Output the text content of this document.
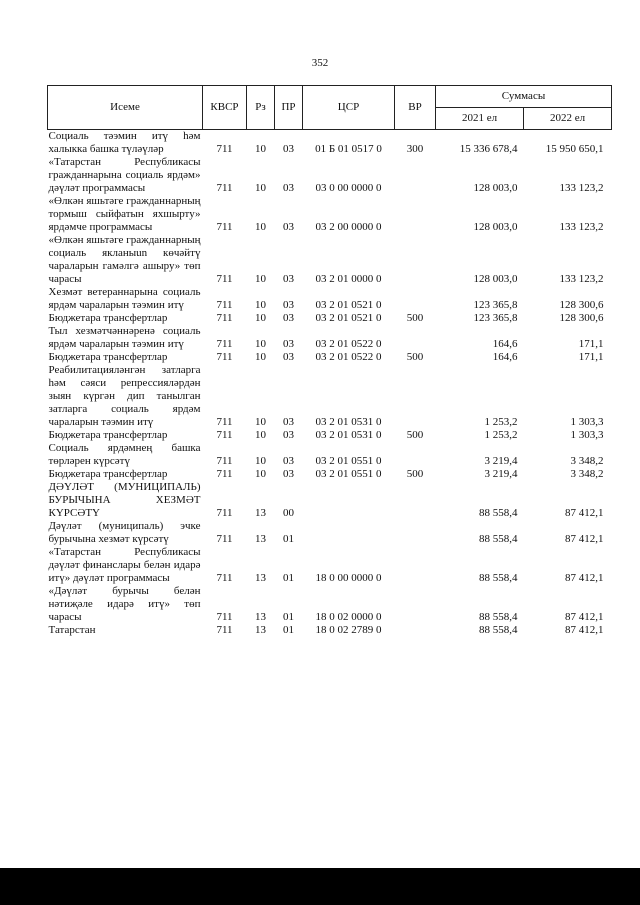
352
Исеме	КВСР	Рз	ПР	ЦСР	ВР	Суммасы	
						2021 ел	2022 ел
Социаль тәэмин итү һәм халыкка башка түләүләр	711	10	03	01 Б 01 0517 0	300	15 336 678,4	15 950 650,1
«Татарстан Республикасы гражданнарына социаль ярдәм» дәүләт программасы	711	10	03	03 0 00 0000 0		128 003,0	133 123,2
«Өлкән яшьтәге гражданнарның тормыш сыйфатын яхшырту» ярдәмче программасы	711	10	03	03 2 00 0000 0		128 003,0	133 123,2
«Өлкән яшьтәге гражданнарның социаль якланыun көчәйтү чараларын гамәлгә ашыру» төп чарасы	711	10	03	03 2 01 0000 0		128 003,0	133 123,2
Хезмәт ветераннарына социаль ярдәм чараларын тәэмин итү	711	10	03	03 2 01 0521 0		123 365,8	128 300,6
Бюджетара трансфертлар	711	10	03	03 2 01 0521 0	500	123 365,8	128 300,6
Тыл хезмәтчәннәренә социаль ярдәм чараларын тәэмин итү	711	10	03	03 2 01 0522 0		164,6	171,1
Бюджетара трансфертлар	711	10	03	03 2 01 0522 0	500	164,6	171,1
Реабилитацияләнгән затларга һәм сәяси репрессияләрдән зыян күргән дип танылган затларга социаль ярдәм чараларын тәэмин итү	711	10	03	03 2 01 0531 0		1 253,2	1 303,3
Бюджетара трансфертлар	711	10	03	03 2 01 0531 0	500	1 253,2	1 303,3
Социаль ярдәмнең башка төрләрен күрсәтү	711	10	03	03 2 01 0551 0		3 219,4	3 348,2
Бюджетара трансфертлар	711	10	03	03 2 01 0551 0	500	3 219,4	3 348,2
ДӘҮЛӘТ (МУНИЦИПАЛЬ) БУРЫЧЫНА ХЕЗМӘТ КҮРСӘТҮ	711	13	00			88 558,4	87 412,1
Дәүләт (муниципаль) эчке бурычына хезмәт күрсәтү	711	13	01			88 558,4	87 412,1
«Татарстан Республикасы дәүләт финанслары белән идарә итү» дәүләт программасы	711	13	01	18 0 00 0000 0		88 558,4	87 412,1
«Дәүләт бурычы белән нәтиҗәле идарә итү» төп чарасы	711	13	01	18 0 02 0000 0		88 558,4	87 412,1
Татарстан	711	13	01	18 0 02 2789 0		88 558,4	87 412,1
